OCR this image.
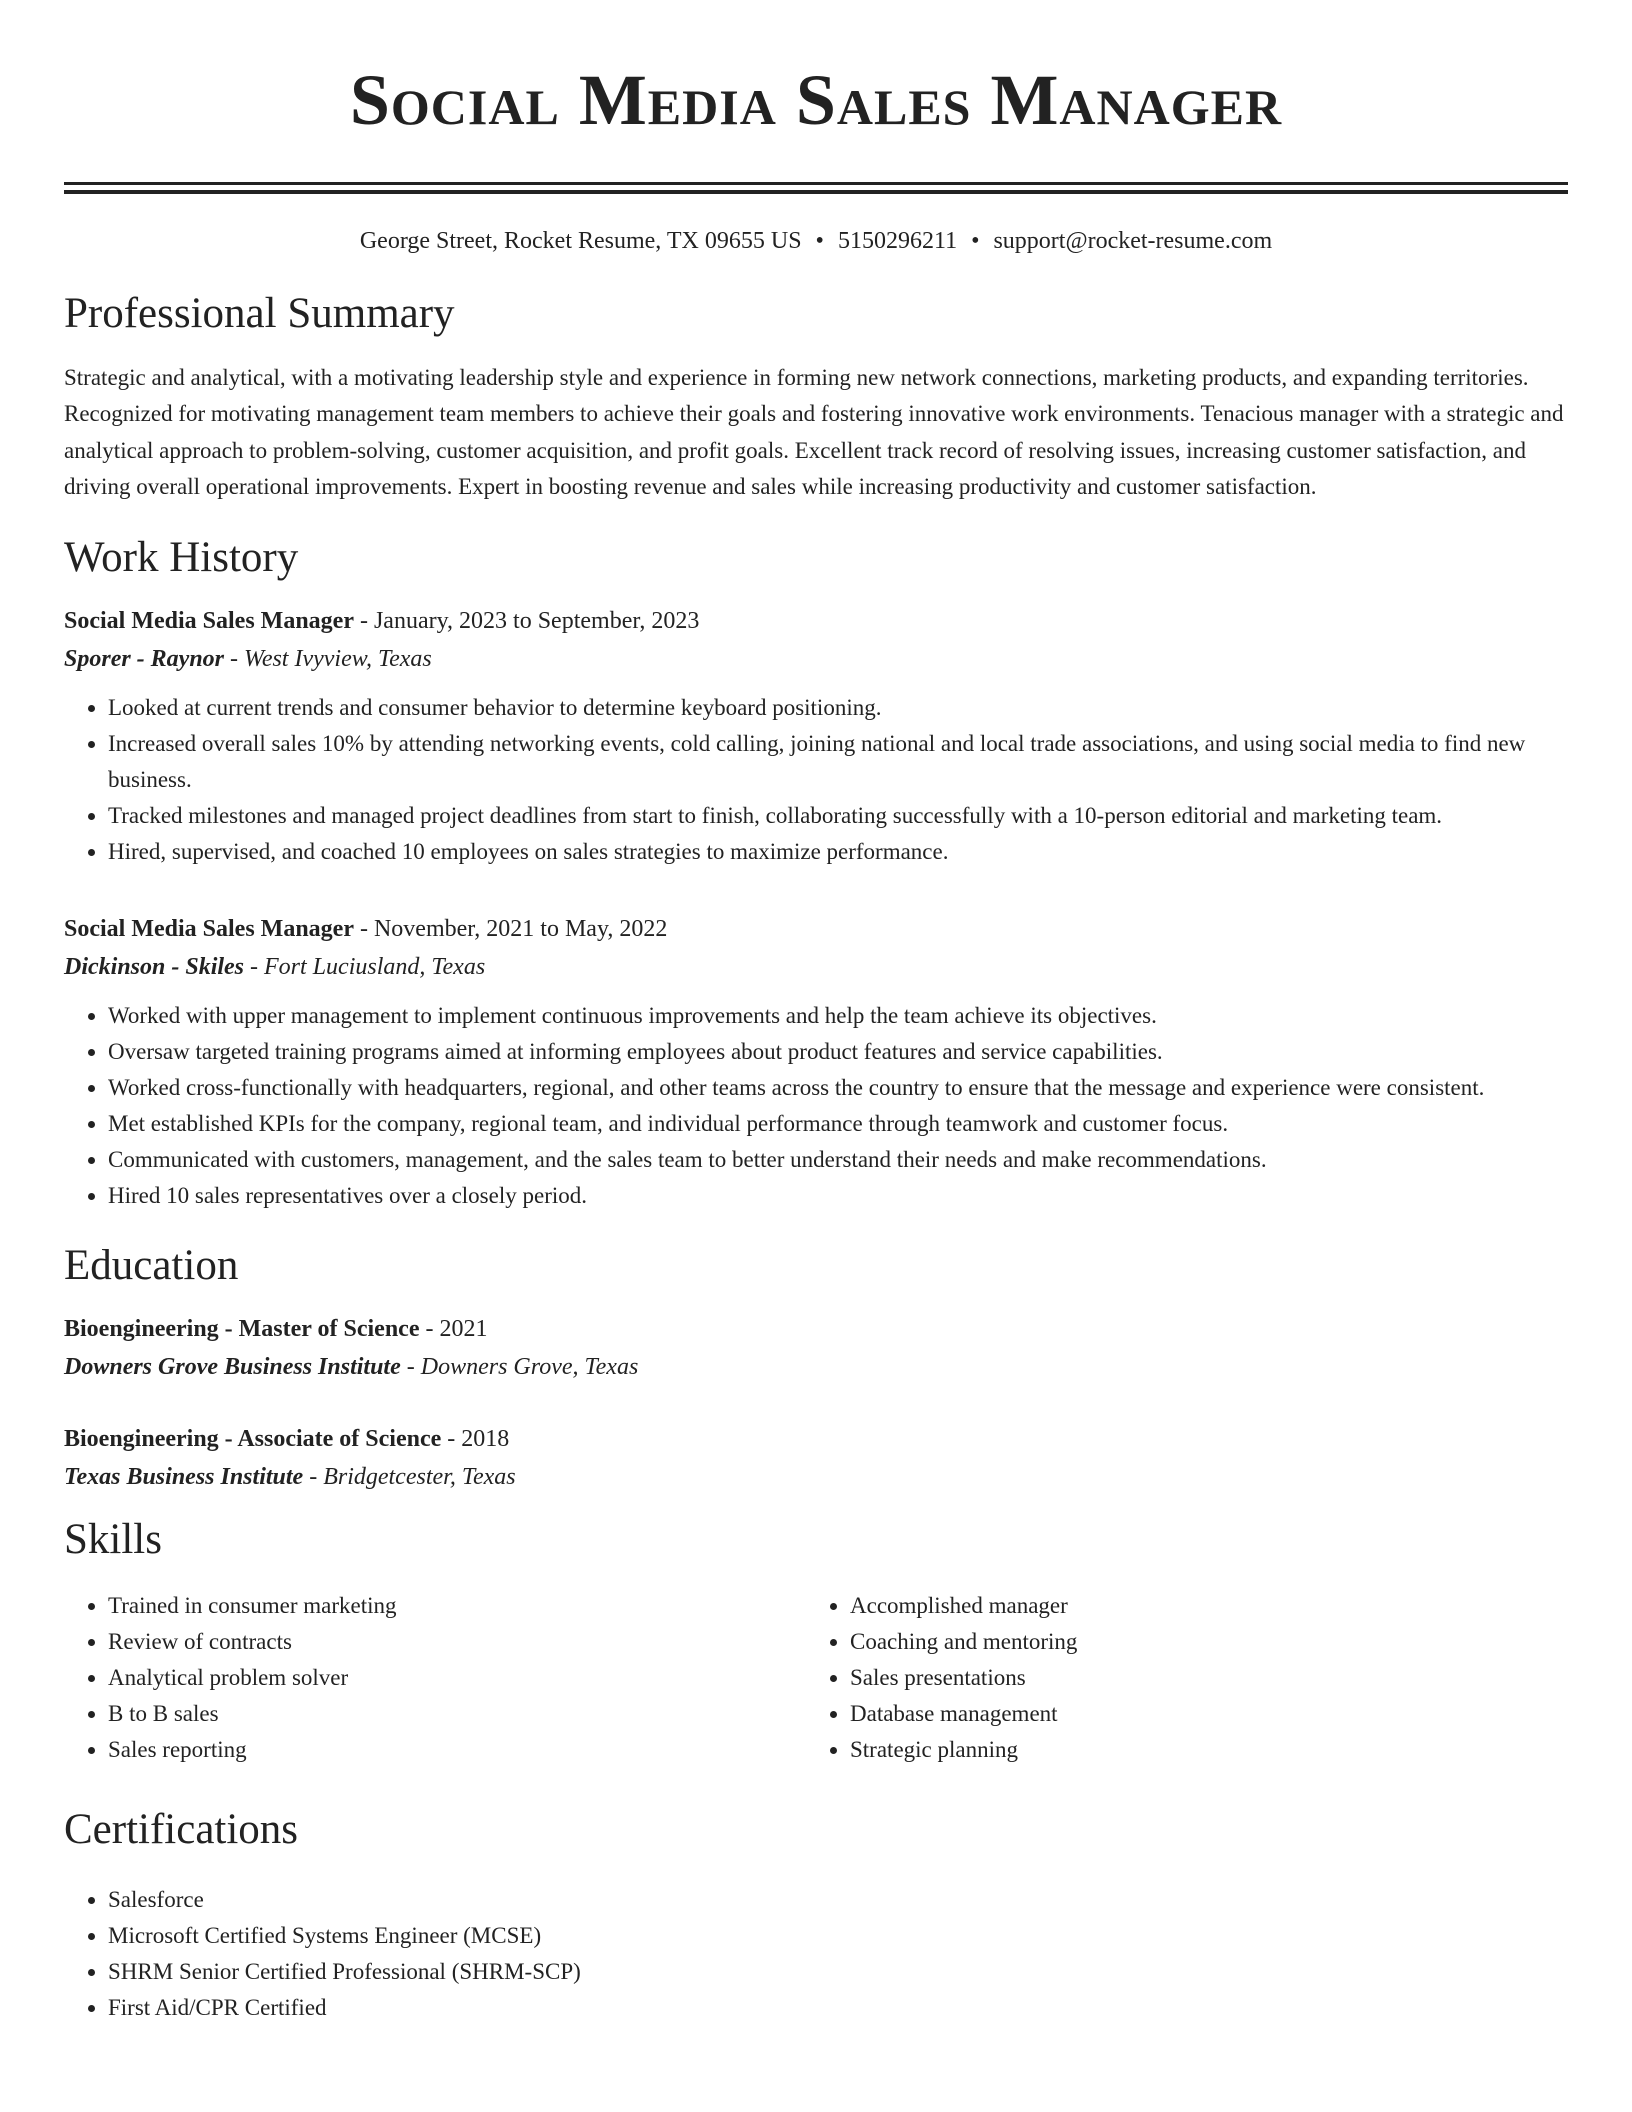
Social Media Sales Manager
George Street, Rocket Resume, TX 09655 US • 5150296211 • support@rocket-resume.com
Professional Summary
Strategic and analytical, with a motivating leadership style and experience in forming new network connections, marketing products, and expanding territories. Recognized for motivating management team members to achieve their goals and fostering innovative work environments. Tenacious manager with a strategic and analytical approach to problem-solving, customer acquisition, and profit goals. Excellent track record of resolving issues, increasing customer satisfaction, and driving overall operational improvements. Expert in boosting revenue and sales while increasing productivity and customer satisfaction.
Work History
Social Media Sales Manager - January, 2023 to September, 2023
Sporer - Raynor - West Ivyview, Texas
• Looked at current trends and consumer behavior to determine keyboard positioning.
• Increased overall sales 10% by attending networking events, cold calling, joining national and local trade associations, and using social media to find new business.
• Tracked milestones and managed project deadlines from start to finish, collaborating successfully with a 10-person editorial and marketing team.
• Hired, supervised, and coached 10 employees on sales strategies to maximize performance.
Social Media Sales Manager - November, 2021 to May, 2022
Dickinson - Skiles - Fort Luciusland, Texas
• Worked with upper management to implement continuous improvements and help the team achieve its objectives.
• Oversaw targeted training programs aimed at informing employees about product features and service capabilities.
• Worked cross-functionally with headquarters, regional, and other teams across the country to ensure that the message and experience were consistent.
• Met established KPIs for the company, regional team, and individual performance through teamwork and customer focus.
• Communicated with customers, management, and the sales team to better understand their needs and make recommendations.
• Hired 10 sales representatives over a closely period.
Education
Bioengineering - Master of Science - 2021
Downers Grove Business Institute - Downers Grove, Texas
Bioengineering - Associate of Science - 2018
Texas Business Institute - Bridgetcester, Texas
Skills
• Trained in consumer marketing
• Review of contracts
• Analytical problem solver
• B to B sales
• Sales reporting
• Accomplished manager
• Coaching and mentoring
• Sales presentations
• Database management
• Strategic planning
Certifications
• Salesforce
• Microsoft Certified Systems Engineer (MCSE)
• SHRM Senior Certified Professional (SHRM-SCP)
• First Aid/CPR Certified
